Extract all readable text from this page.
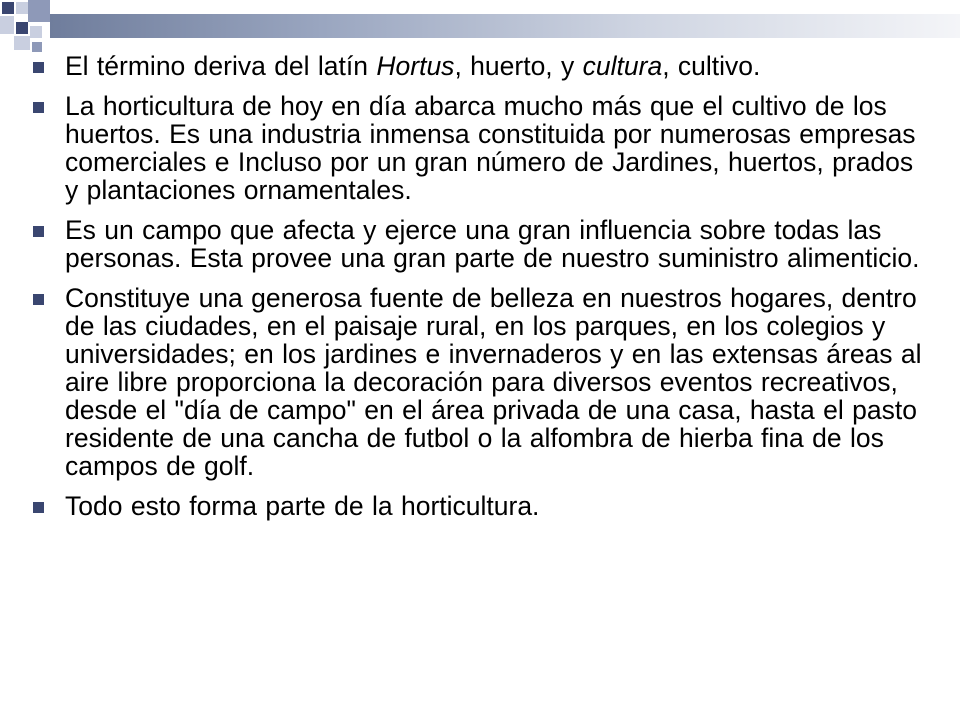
El término deriva del latín Hortus, huerto, y cultura, cultivo.
La horticultura de hoy en día abarca mucho más que el cultivo de los huertos. Es una industria inmensa constituida por numerosas empresas comerciales e Incluso por un gran número de Jardines, huertos, prados y plantaciones ornamentales.
Es un campo que afecta y ejerce una gran influencia sobre todas las personas. Esta provee una gran parte de nuestro suministro alimenticio.
Constituye una generosa fuente de belleza en nuestros hogares, dentro de las ciudades, en el paisaje rural, en los parques, en los colegios y universidades; en los jardines e invernaderos y en las extensas áreas al aire libre proporciona la decoración para diversos eventos recreativos, desde el "día de campo" en el área privada de una casa, hasta el pasto residente de una cancha de futbol o la alfombra de hierba fina de los campos de golf.
Todo esto forma parte de la horticultura.
